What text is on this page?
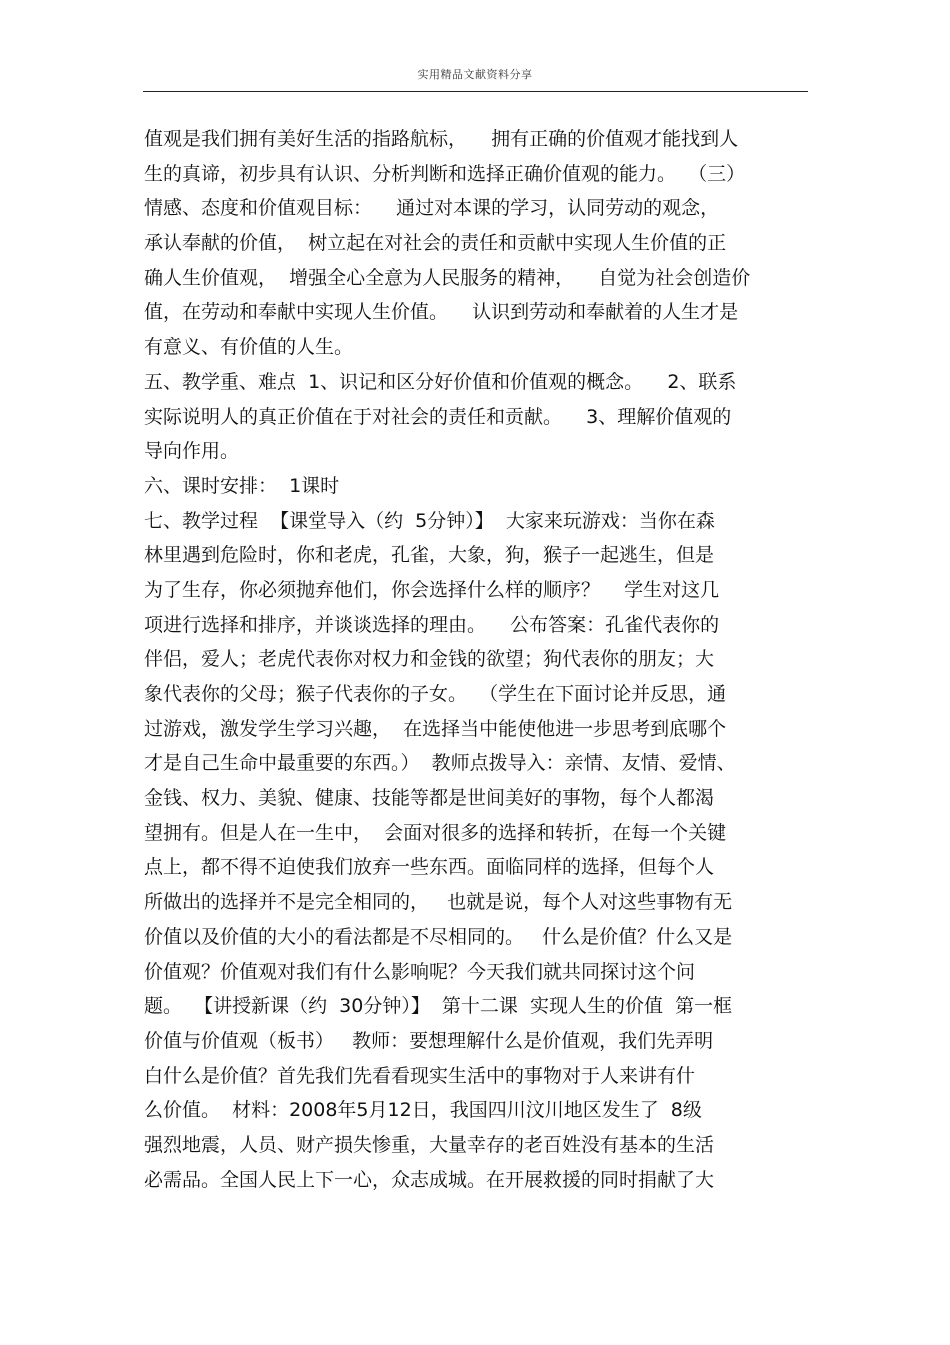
实用精品文献资料分享
值观是我们拥有美好生活的指路航标，    拥有正确的价值观才能找到人
生的真谛，初步具有认识、分析判断和选择正确价值观的能力。  （三）
情感、态度和价值观目标：    通过对本课的学习，认同劳动的观念，
承认奉献的价值，  树立起在对社会的责任和贡献中实现人生价值的正
确人生价值观，  增强全心全意为人民服务的精神，    自觉为社会创造价
值，在劳动和奉献中实现人生价值。    认识到劳动和奉献着的人生才是
有意义、有价值的人生。
五、教学重、难点  1、识记和区分好价值和价值观的概念。    2、联系
实际说明人的真正价值在于对社会的责任和贡献。    3、理解价值观的
导向作用。
六、课时安排：  1课时
七、教学过程  【课堂导入（约  5分钟）】  大家来玩游戏：当你在森
林里遇到危险时，你和老虎，孔雀，大象，狗，猴子一起逃生，但是
为了生存，你必须抛弃他们，你会选择什么样的顺序？    学生对这几
项进行选择和排序，并谈谈选择的理由。    公布答案：孔雀代表你的
伴侣，爱人；老虎代表你对权力和金钱的欲望；狗代表你的朋友；大
象代表你的父母；猴子代表你的子女。  （学生在下面讨论并反思，通
过游戏，激发学生学习兴趣，  在选择当中能使他进一步思考到底哪个
才是自己生命中最重要的东西。）  教师点拨导入：亲情、友情、爱情、
金钱、权力、美貌、健康、技能等都是世间美好的事物，每个人都渴
望拥有。但是人在一生中，  会面对很多的选择和转折，在每一个关键
点上，都不得不迫使我们放弃一些东西。面临同样的选择，但每个人
所做出的选择并不是完全相同的，   也就是说，每个人对这些事物有无
价值以及价值的大小的看法都是不尽相同的。   什么是价值？什么又是
价值观？价值观对我们有什么影响呢？今天我们就共同探讨这个问
题。  【讲授新课（约  30分钟）】  第十二课  实现人生的价值  第一框
价值与价值观（板书）   教师：要想理解什么是价值观，我们先弄明
白什么是价值？首先我们先看看现实生活中的事物对于人来讲有什
么价值。  材料：2008年5月12日，我国四川汶川地区发生了  8级
强烈地震，人员、财产损失惨重，大量幸存的老百姓没有基本的生活
必需品。全国人民上下一心，众志成城。在开展救援的同时捐献了大
